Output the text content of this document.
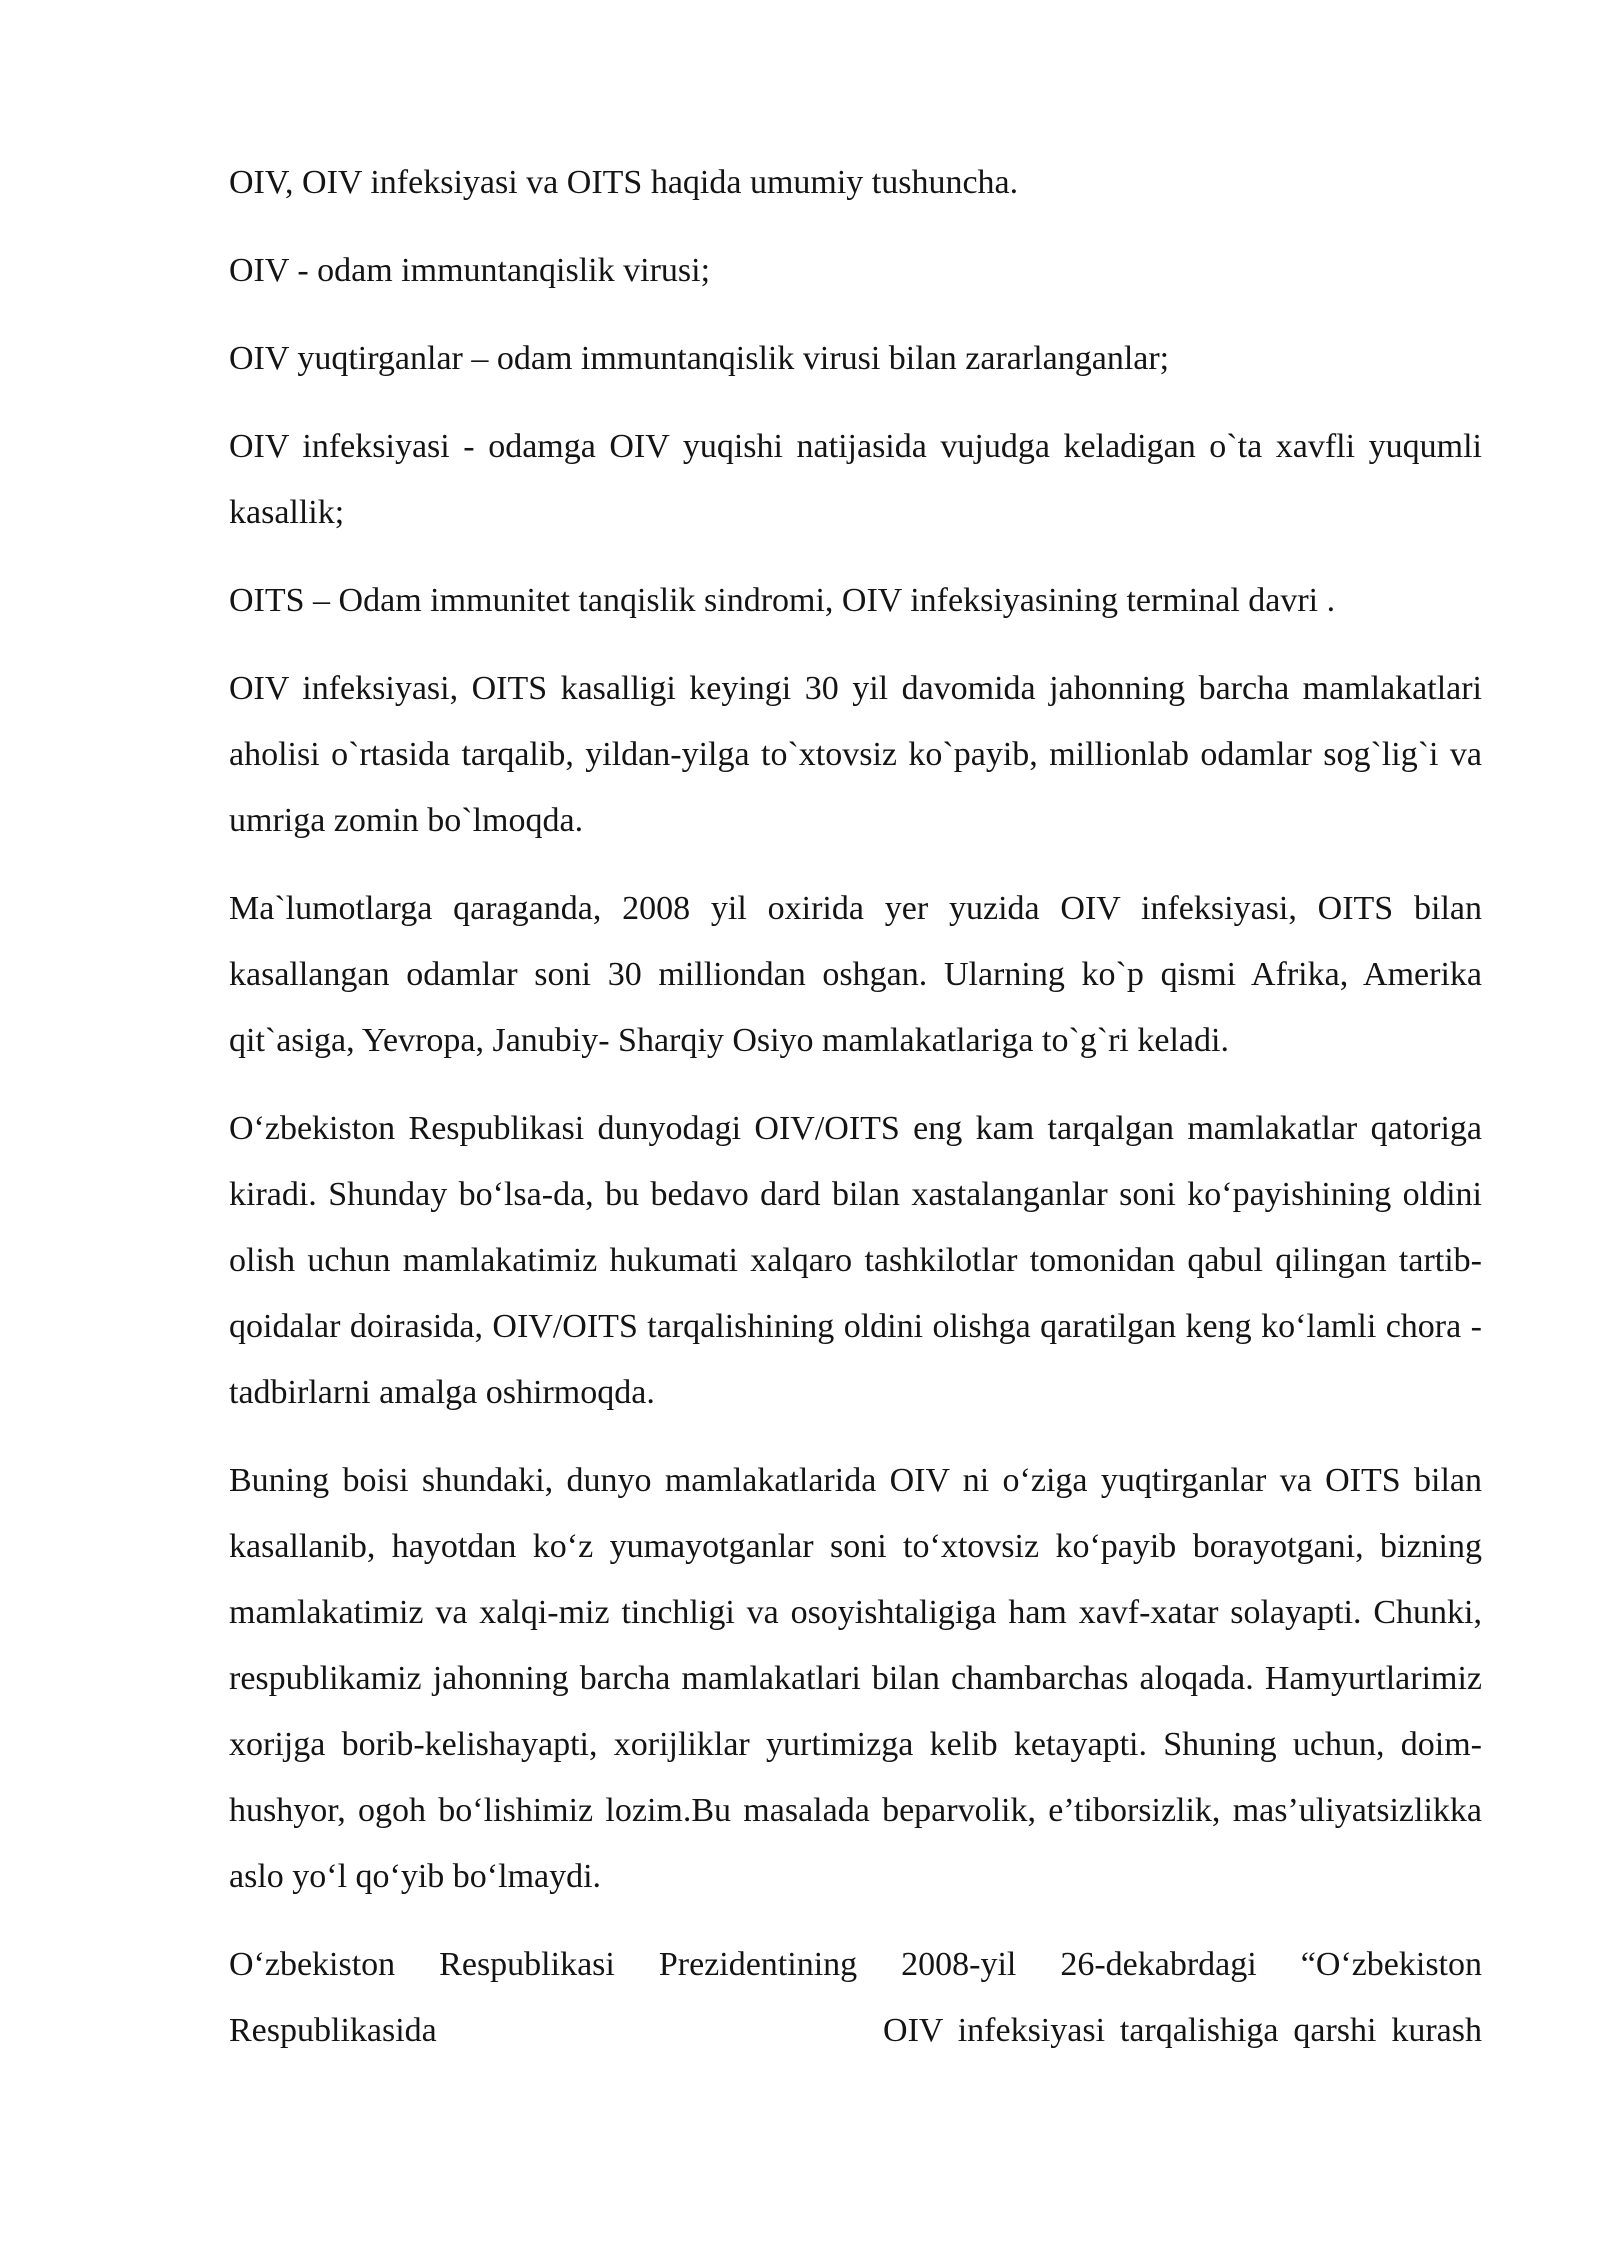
OIV, OIV infeksiyasi va OITS haqida umumiy tushuncha.

OIV - odam immuntanqislik virusi;

OIV yuqtirganlar – odam immuntanqislik virusi bilan zararlanganlar;

OIV infeksiyasi - odamga OIV yuqishi natijasida vujudga keladigan o`ta xavfli yuqumli kasallik;

OITS – Odam immunitet tanqislik sindromi, OIV infeksiyasining terminal davri .

OIV infeksiyasi, OITS kasalligi keyingi 30 yil davomida jahonning barcha mamlakatlari aholisi o`rtasida tarqalib, yildan-yilga to`xtovsiz ko`payib, millionlab odamlar sog`lig`i va umriga zomin bo`lmoqda.

Ma`lumotlarga qaraganda, 2008 yil oxirida yer yuzida OIV infeksiyasi, OITS bilan kasallangan odamlar soni 30 milliondan oshgan. Ularning ko`p qismi Afrika, Amerika qit`asiga, Yevropa, Janubiy- Sharqiy Osiyo mamlakatlariga to`g`ri keladi.

O‘zbekiston Respublikasi dunyodagi OIV/OITS eng kam tarqalgan mamlakatlar qatoriga kiradi. Shunday bo‘lsa-da, bu bedavo dard bilan xastalanganlar soni ko‘payishining oldini olish uchun mamlakatimiz hukumati xalqaro tashkilotlar tomonidan qabul qilingan tartib-qoidalar doirasida, OIV/OITS tarqalishining oldini olishga qaratilgan keng ko‘lamli chora - tadbirlarni amalga oshirmoqda.

Buning boisi shundaki, dunyo mamlakatlarida OIV ni o‘ziga yuqtirganlar va OITS bilan kasallanib, hayotdan ko‘z yumayotganlar soni to‘xtovsiz ko‘payib borayotgani, bizning mamlakatimiz va xalqi-miz tinchligi va osoyishtaligiga ham xavf-xatar solayapti. Chunki, respublikamiz jahonning barcha mamlakatlari bilan chambarchas aloqada. Hamyurtlarimiz xorijga borib-kelishayapti, xorijliklar yurtimizga kelib ketayapti. Shuning uchun, doim-hushyor, ogoh bo‘lishimiz lozim.Bu masalada beparvolik, e’tiborsizlik, mas’uliyatsizlikka aslo yo‘l qo‘yib bo‘lmaydi.

O‘zbekiston Respublikasi Prezidentining 2008-yil 26-dekabrdagi “O‘zbekiston
Respublikasida                              OIV infeksiyasi tarqalishiga qarshi kurash
